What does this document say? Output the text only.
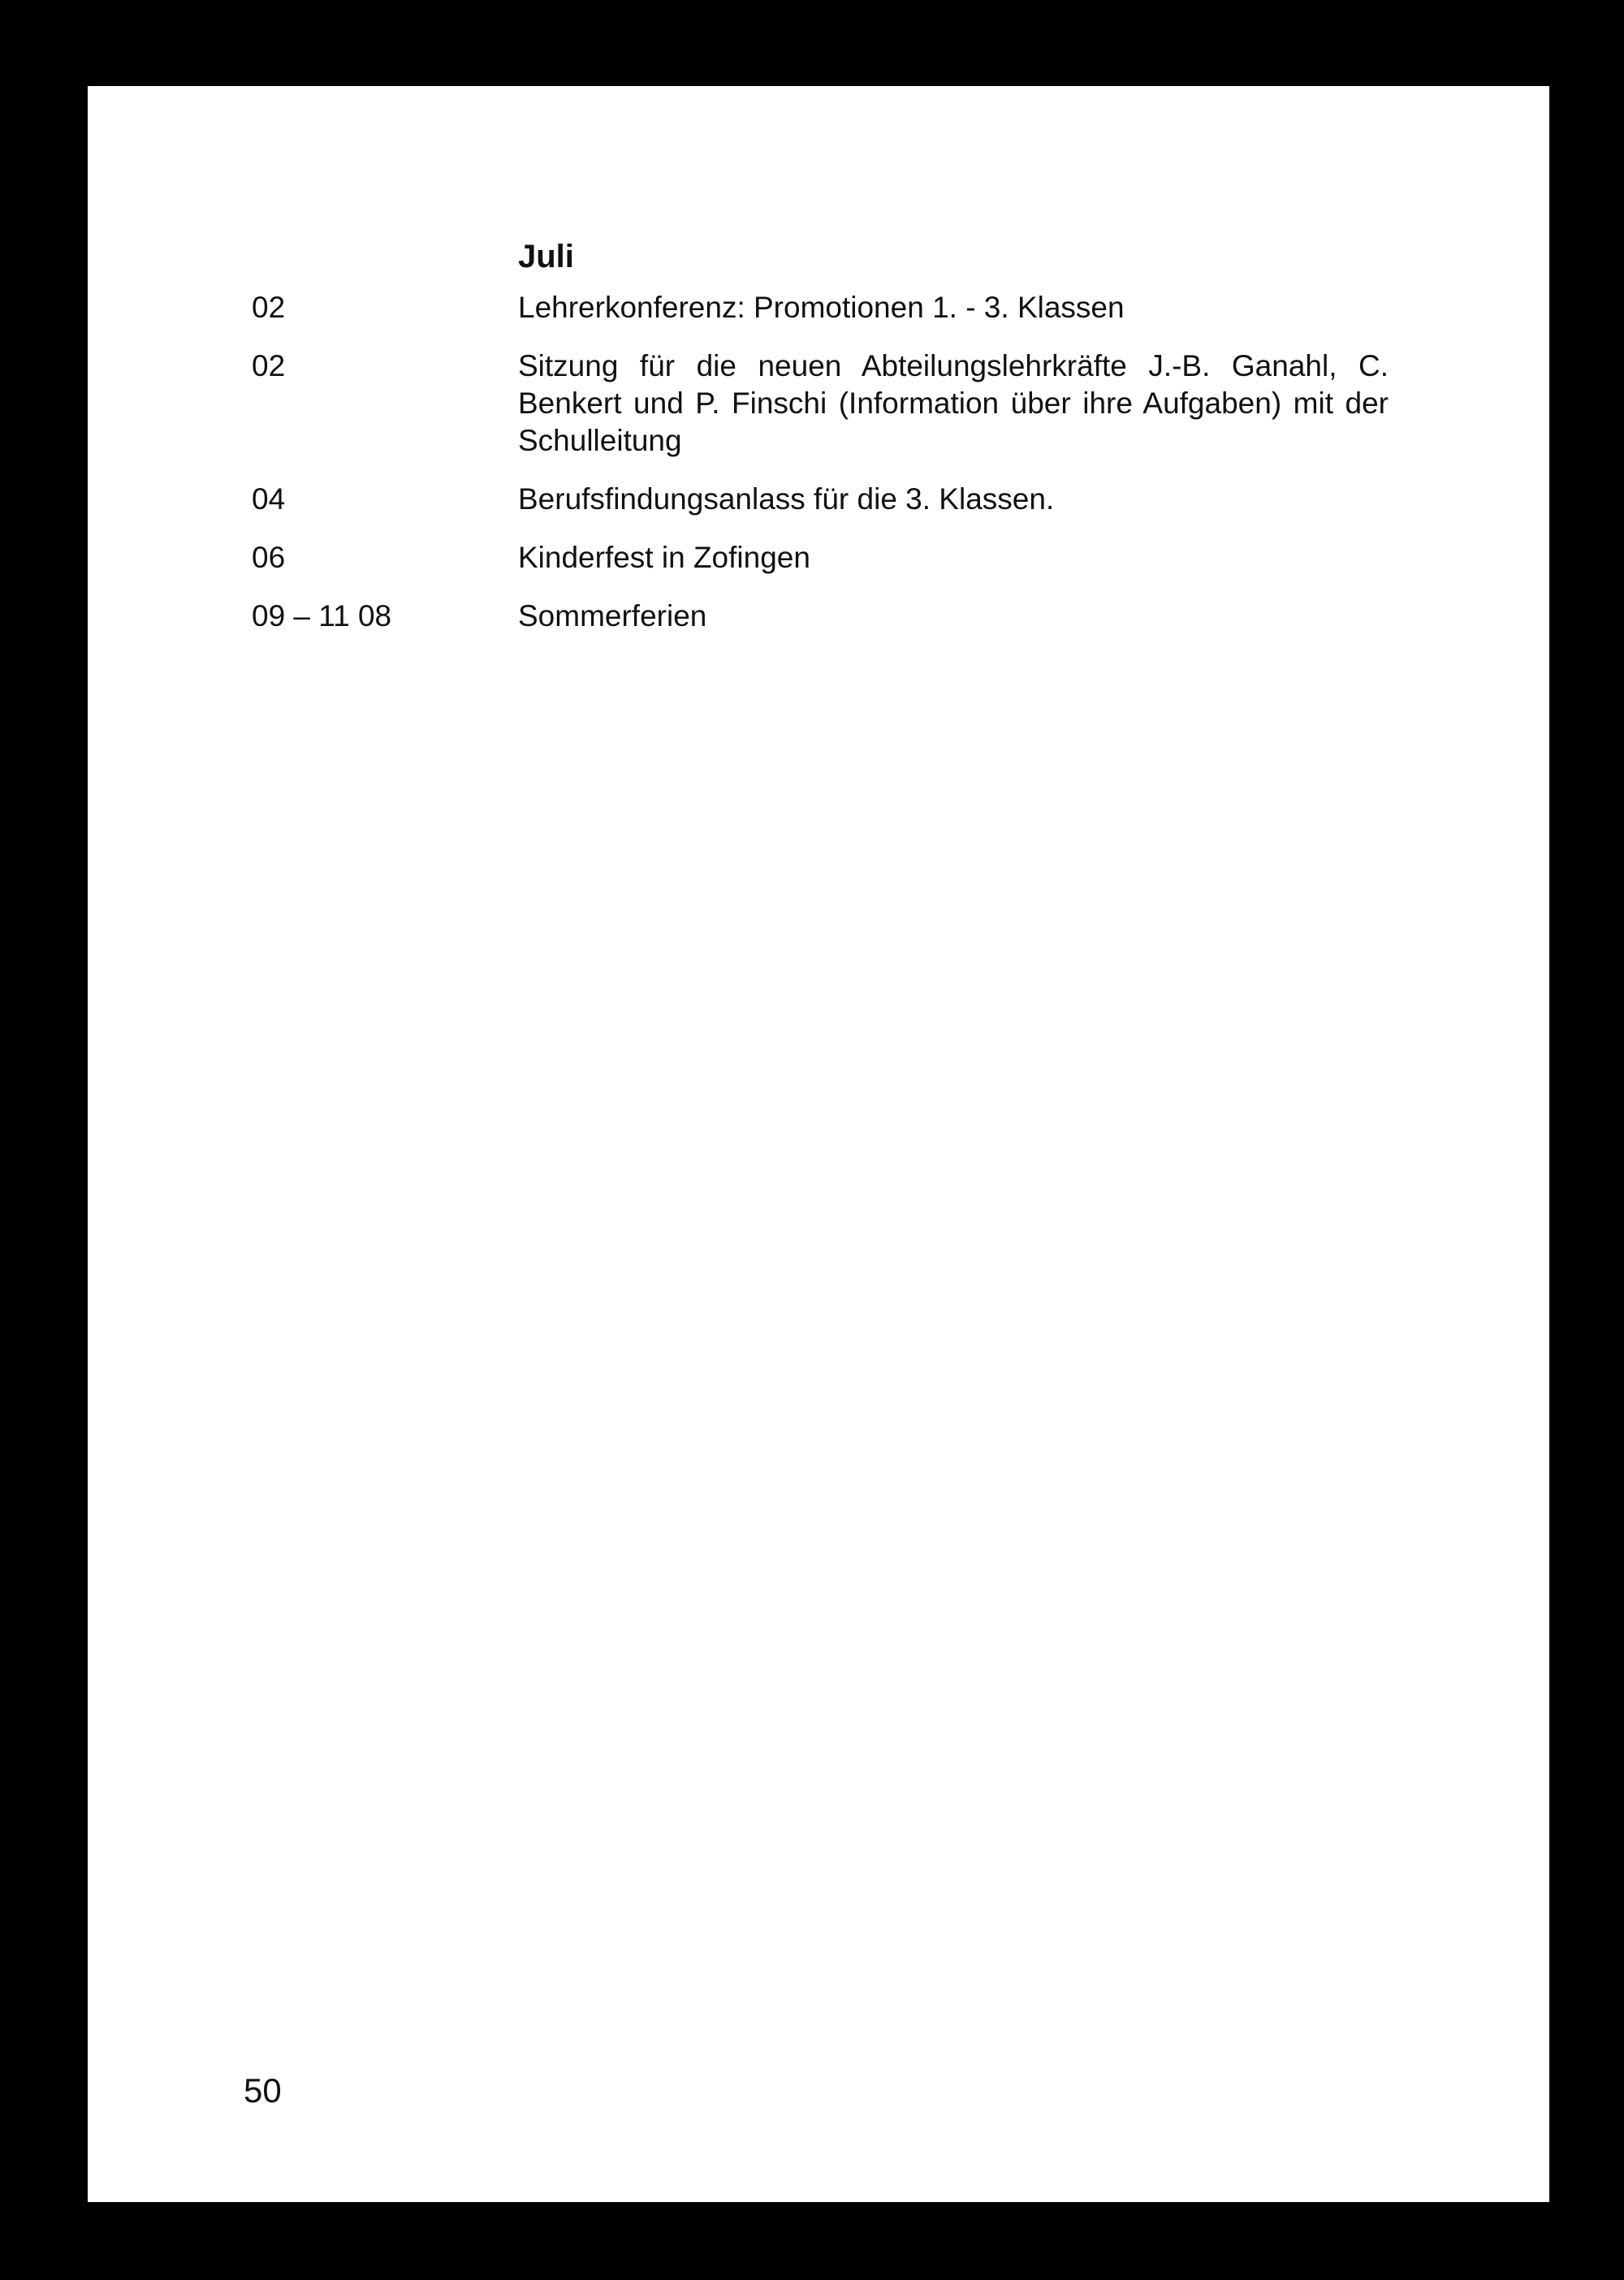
Juli
02	Lehrerkonferenz: Promotionen 1. - 3. Klassen
02	Sitzung für die neuen Abteilungslehrkräfte J.-B. Ganahl, C. Benkert und P. Finschi (Information über ihre Aufgaben) mit der Schulleitung
04	Berufsfindungsanlass für die 3. Klassen.
06	Kinderfest in Zofingen
09 – 11 08	Sommerferien
50
